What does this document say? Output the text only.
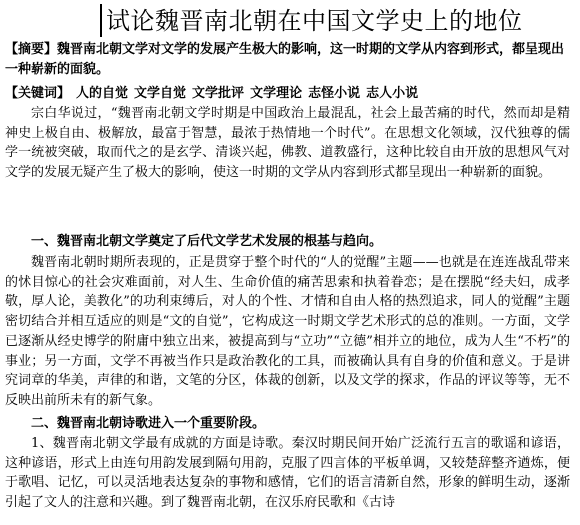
试论魏晋南北朝在中国文学史上的地位
【摘要】魏晋南北朝文学对文学的发展产生极大的影响，这一时期的文学从内容到形式，都呈现出一种崭新的面貌。
【关键词】 人的自觉 文学自觉 文学批评 文学理论 志怪小说 志人小说
宗白华说过，“魏晋南北朝文学时期是中国政治上最混乱，社会上最苦痛的时代，然而却是精神史上极自由、极解放，最富于智慧，最浓于热情地一个时代”。在思想文化领域，汉代独尊的儒学一统被突破，取而代之的是玄学、清谈兴起，佛教、道教盛行，这种比较自由开放的思想风气对文学的发展无疑产生了极大的影响，使这一时期的文学从内容到形式都呈现出一种崭新的面貌。
一、魏晋南北朝文学奠定了后代文学艺术发展的根基与趋向。
魏晋南北朝时期所表现的，正是贯穿于整个时代的“人的觉醒”主题——也就是在连连战乱带来的怵目惊心的社会灾难面前，对人生、生命价值的痛苦思索和执着眷恋；是在摆脱“经夫妇，成孝敬，厚人论，美教化”的功利束缚后，对人的个性、才情和自由人格的热烈追求，同人的觉醒”主题密切结合并相互适应的则是“文的自觉”，它构成这一时期文学艺术形式的总的准则。一方面，文学已逐渐从经史博学的附庸中独立出来，被提高到与“立功”“立德”相并立的地位，成为人生“不朽”的事业；另一方面，文学不再被当作只是政治教化的工具，而被确认具有自身的价值和意义。于是讲究词章的华美，声律的和谐，文笔的分区，体裁的创新，以及文学的探求，作品的评议等等，无不反映出前所未有的新气象。
二、魏晋南北朝诗歌进入一个重要阶段。
1、魏晋南北朝文学最有成就的方面是诗歌。秦汉时期民间开始广泛流行五言的歌谣和谚语，这种谚语，形式上由连句用韵发展到隔句用韵，克服了四言体的平板单调，又较楚辞整齐遒炼，便于歌唱、记忆，可以灵活地表达复杂的事物和感情，它们的语言清新自然，形象的鲜明生动，逐渐引起了文人的注意和兴趣。到了魏晋南北朝，在汉乐府民歌和《古诗
